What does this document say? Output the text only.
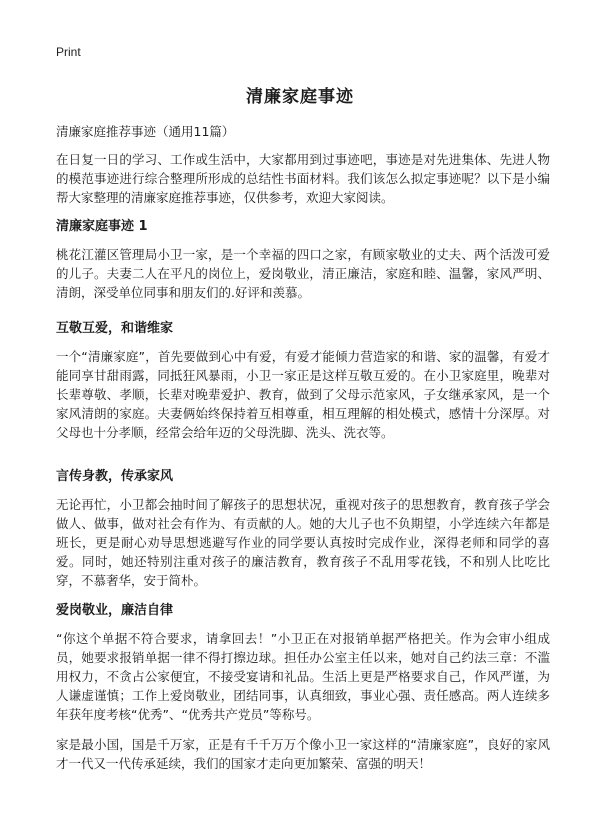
Print
清廉家庭事迹
清廉家庭推荐事迹（通用11篇）

在日复一日的学习、工作或生活中，大家都用到过事迹吧，事迹是对先进集体、先进人物的模范事迹进行综合整理所形成的总结性书面材料。我们该怎么拟定事迹呢？以下是小编帮大家整理的清廉家庭推荐事迹，仅供参考，欢迎大家阅读。

清廉家庭事迹 1

桃花江灌区管理局小卫一家，是一个幸福的四口之家，有顾家敬业的丈夫、两个活泼可爱的儿子。夫妻二人在平凡的岗位上，爱岗敬业，清正廉洁，家庭和睦、温馨，家风严明、清朗，深受单位同事和朋友们的.好评和羡慕。

互敬互爱，和谐维家

一个“清廉家庭”，首先要做到心中有爱，有爱才能倾力营造家的和谐、家的温馨，有爱才能同享甘甜雨露，同抵狂风暴雨，小卫一家正是这样互敬互爱的。在小卫家庭里，晚辈对长辈尊敬、孝顺，长辈对晚辈爱护、教育，做到了父母示范家风，子女继承家风，是一个家风清朗的家庭。夫妻俩始终保持着互相尊重，相互理解的相处模式，感情十分深厚。对父母也十分孝顺，经常会给年迈的父母洗脚、洗头、洗衣等。

言传身教，传承家风

无论再忙，小卫都会抽时间了解孩子的思想状况，重视对孩子的思想教育，教育孩子学会做人、做事，做对社会有作为、有贡献的人。她的大儿子也不负期望，小学连续六年都是班长，更是耐心劝导思想逃避写作业的同学要认真按时完成作业，深得老师和同学的喜爱。同时，她还特别注重对孩子的廉洁教育，教育孩子不乱用零花钱，不和别人比吃比穿，不慕奢华，安于简朴。

爱岗敬业，廉洁自律

“你这个单据不符合要求，请拿回去！”小卫正在对报销单据严格把关。作为会审小组成员，她要求报销单据一律不得打擦边球。担任办公室主任以来，她对自己约法三章：不滥用权力，不贪占公家便宜，不接受宴请和礼品。生活上更是严格要求自己，作风严谨，为人谦虚谨慎；工作上爱岗敬业，团结同事，认真细致，事业心强、责任感高。两人连续多年获年度考核“优秀”、“优秀共产党员”等称号。

家是最小国，国是千万家，正是有千千万万个像小卫一家这样的“清廉家庭”，良好的家风才一代又一代传承延续，我们的国家才走向更加繁荣、富强的明天！
